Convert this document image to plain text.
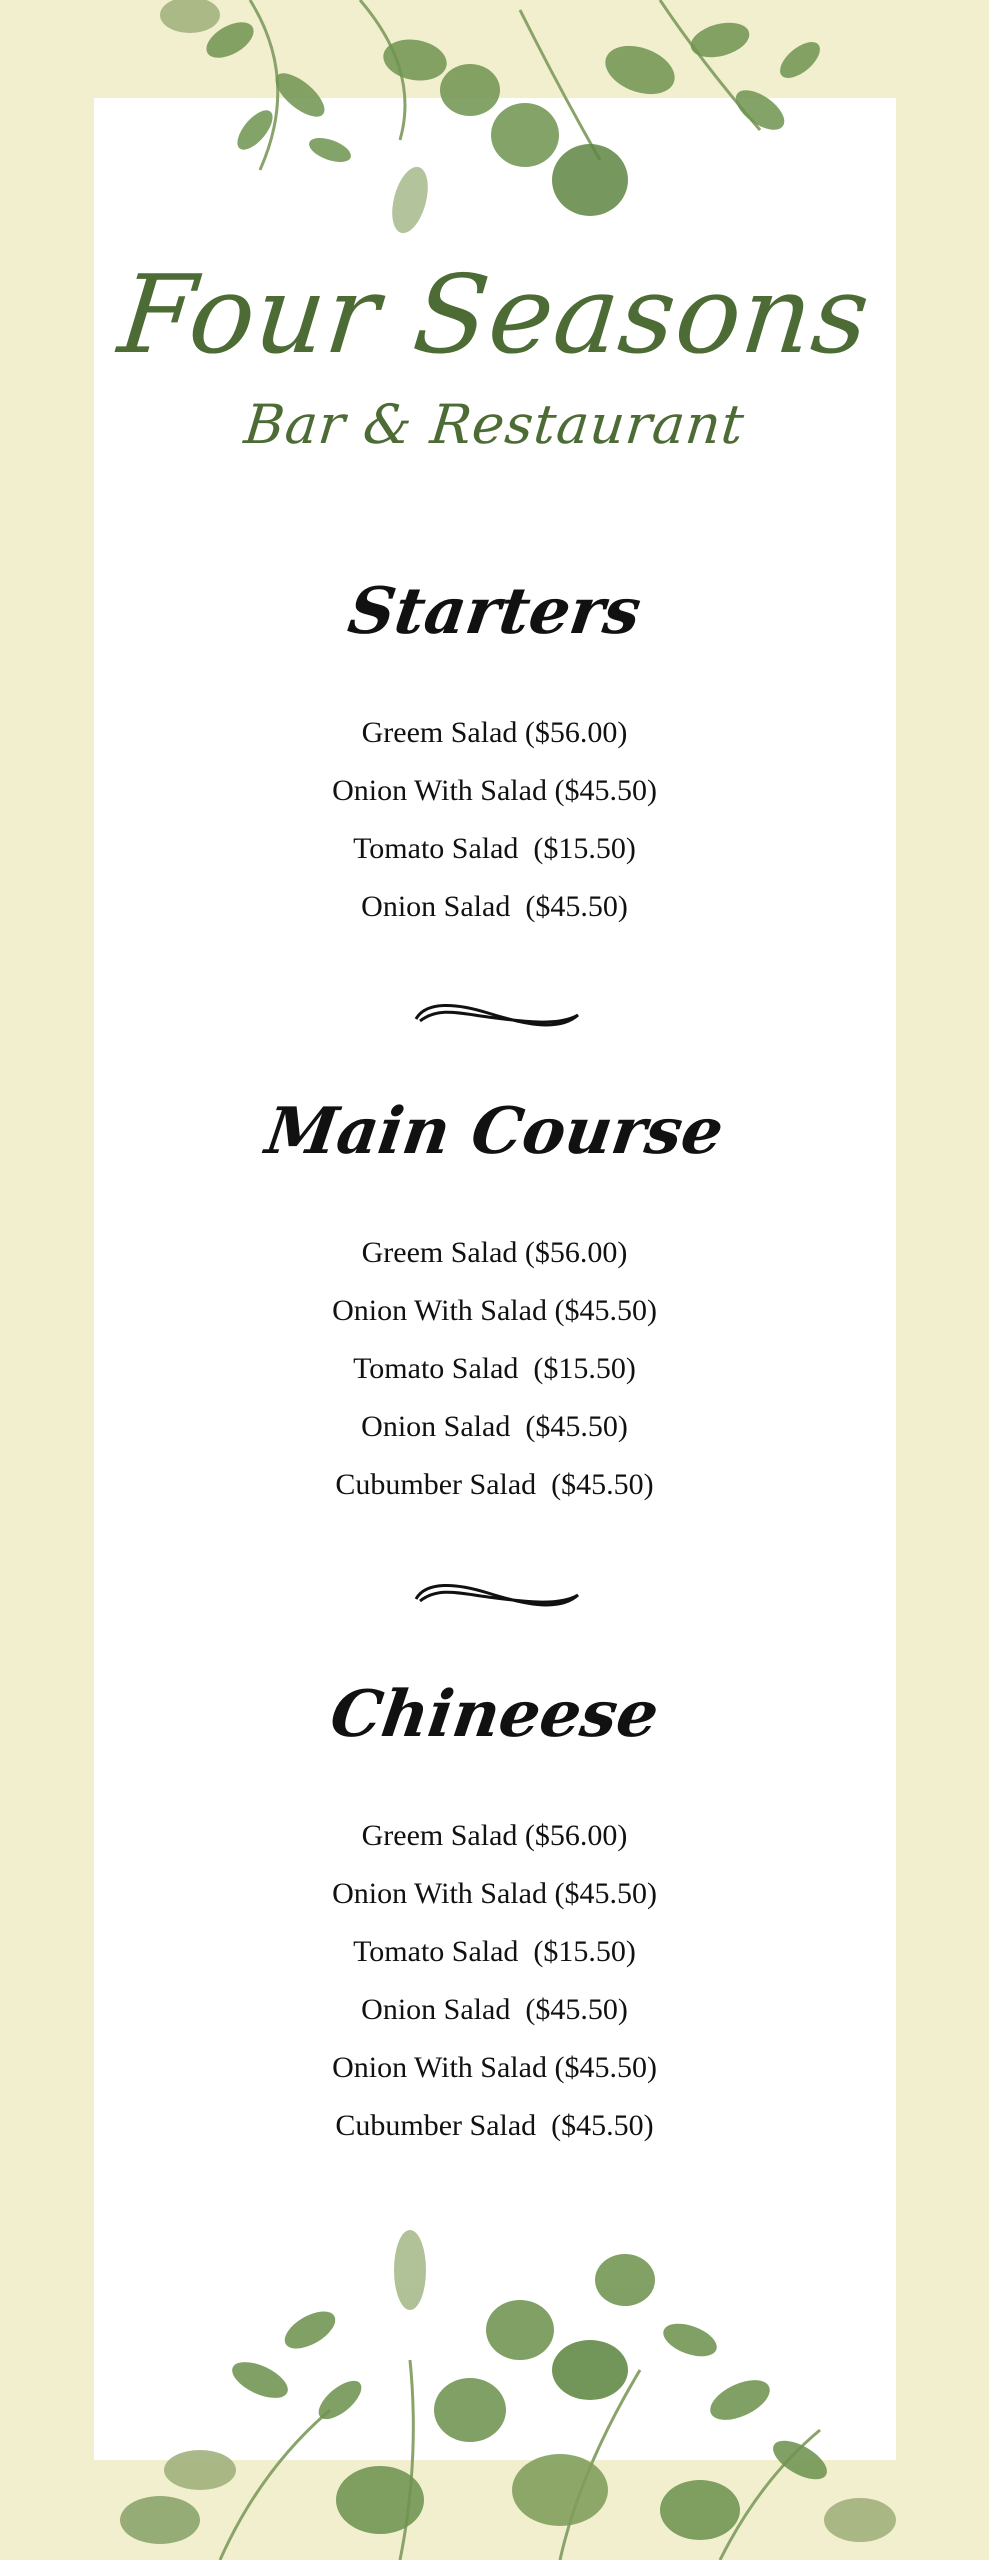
Four Seasons
Bar & Restaurant
Starters
Greem Salad ($56.00)
Onion With Salad ($45.50)
Tomato Salad  ($15.50)
Onion Salad  ($45.50)
Main Course
Greem Salad ($56.00)
Onion With Salad ($45.50)
Tomato Salad  ($15.50)
Onion Salad  ($45.50)
Cubumber Salad  ($45.50)
Chineese
Greem Salad ($56.00)
Onion With Salad ($45.50)
Tomato Salad  ($15.50)
Onion Salad  ($45.50)
Onion With Salad ($45.50)
Cubumber Salad  ($45.50)
